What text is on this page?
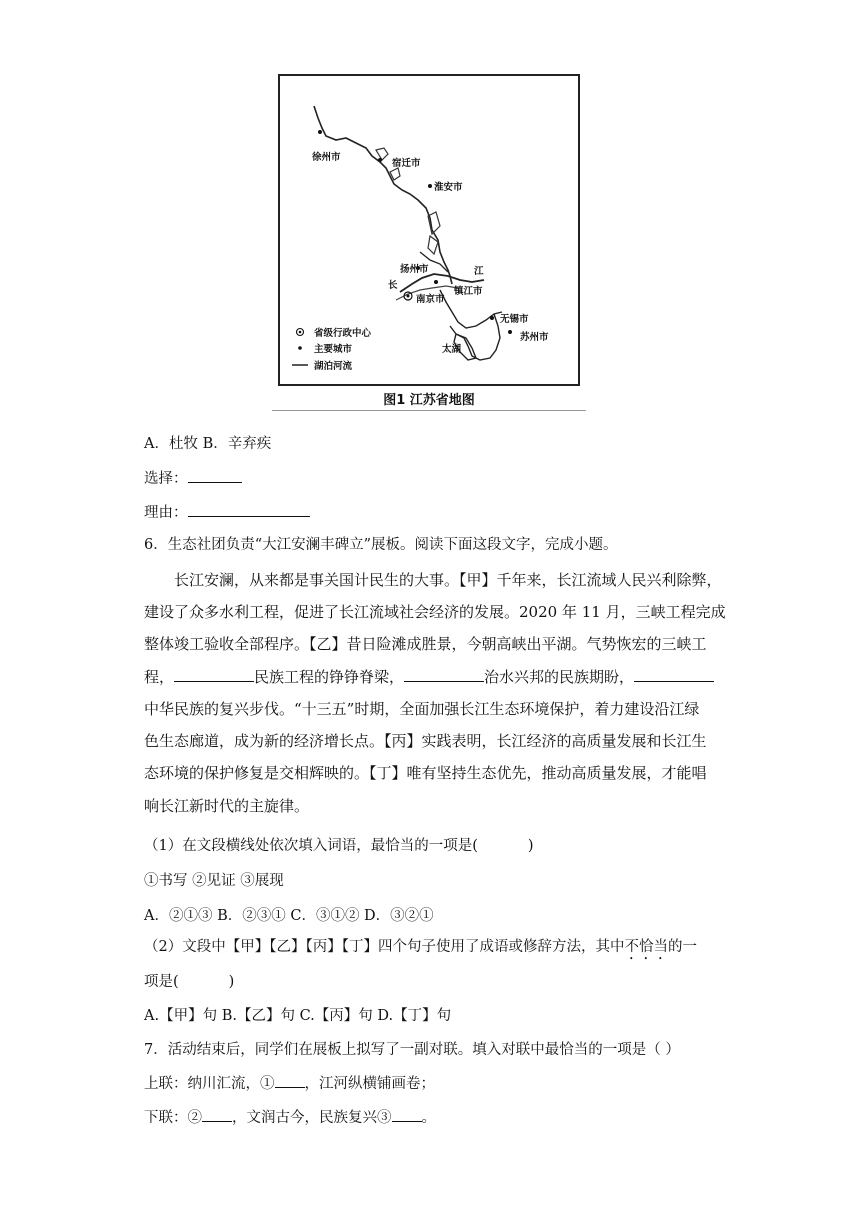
徐州市
宿迁市
淮安市
扬州市	江
长
镇江市
南京市
无锡市
苏州市
太湖
省级行政中心
主要城市
湖泊河流
图1 江苏省地图
A．杜牧 B．辛弃疾
选择：
理由：
6．生态社团负责“大江安澜丰碑立”展板。阅读下面这段文字，完成小题。
长江安澜，从来都是事关国计民生的大事。【甲】千年来，长江流域人民兴利除弊，
建设了众多水利工程，促进了长江流域社会经济的发展。2020 年 11 月，三峡工程完成
整体竣工验收全部程序。【乙】昔日险滩成胜景，今朝高峡出平湖。气势恢宏的三峡工
程，	民族工程的铮铮脊梁，	治水兴邦的民族期盼，
中华民族的复兴步伐。“十三五”时期，全面加强长江生态环境保护，着力建设沿江绿
色生态廊道，成为新的经济增长点。【丙】实践表明，长江经济的高质量发展和长江生
态环境的保护修复是交相辉映的。【丁】唯有坚持生态优先，推动高质量发展，才能唱
响长江新时代的主旋律。
（1）在文段横线处依次填入词语，最恰当的一项是(	)
①书写 ②见证 ③展现
A．②①③ B．②③① C．③①② D．③②①
（2）文段中【甲】【乙】【丙】【丁】四个句子使用了成语或修辞方法，其中不恰当的一
项是(	)
A.【甲】句 B.【乙】句 C.【丙】句 D.【丁】句
7．活动结束后，同学们在展板上拟写了一副对联。填入对联中最恰当的一项是（ ）
上联：纳川汇流，① ，江河纵横铺画卷；
下联：② ，文润古今，民族复兴③ 。
